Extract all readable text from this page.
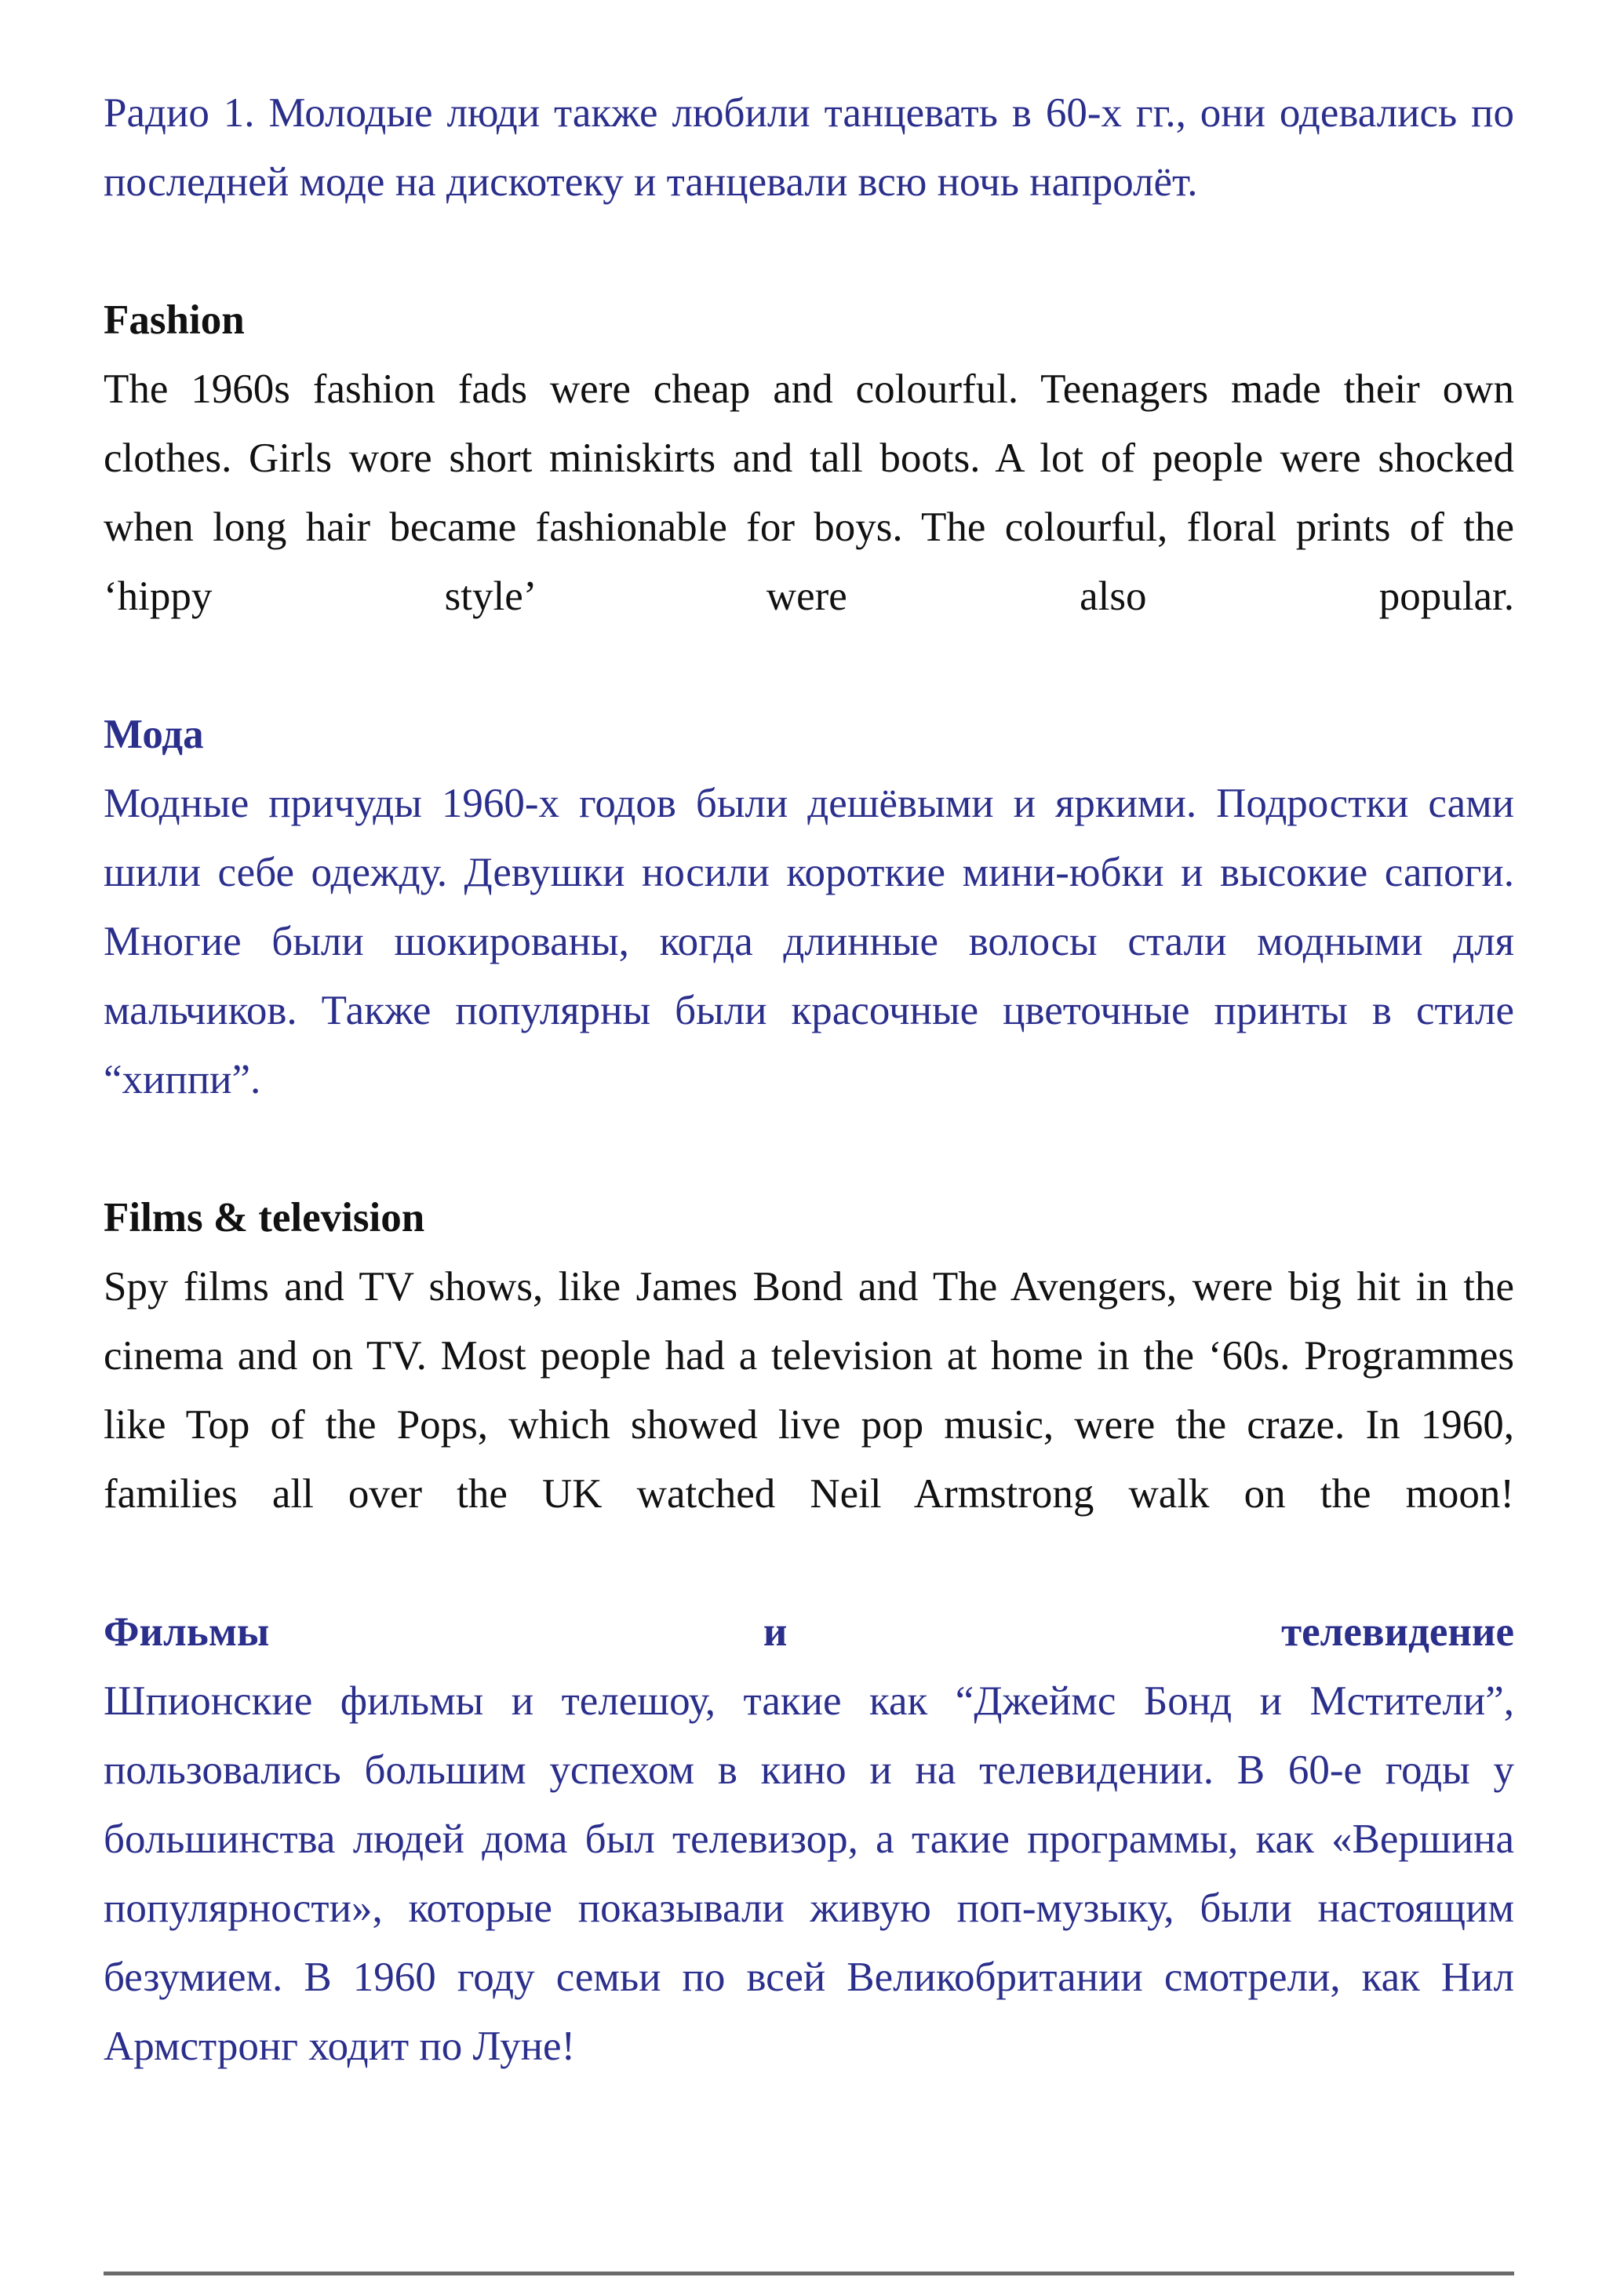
Радио 1. Молодые люди также любили танцевать в 60-х гг., они одевались по последней моде на дискотеку и танцевали всю ночь напролёт.

Fashion

The 1960s fashion fads were cheap and colourful. Teenagers made their own clothes. Girls wore short miniskirts and tall boots. A lot of people were shocked when long hair became fashionable for boys. The colourful, floral prints of the ‘hippy style’ were also popular.

Мода

Модные причуды 1960-х годов были дешёвыми и яркими. Подростки сами шили себе одежду. Девушки носили короткие мини-юбки и высокие сапоги. Многие были шокированы, когда длинные волосы стали модными для мальчиков. Также популярны были красочные цветочные принты в стиле “хиппи”.

Films & television

Spy films and TV shows, like James Bond and The Avengers, were big hit in the cinema and on TV. Most people had a television at home in the ‘60s. Programmes like Top of the Pops, which showed live pop music, were the craze. In 1960, families all over the UK watched Neil Armstrong walk on the moon!

Фильмы и телевидение

Шпионские фильмы и телешоу, такие как “Джеймс Бонд и Мстители”, пользовались большим успехом в кино и на телевидении. В 60-е годы у большинства людей дома был телевизор, а такие программы, как «Вершина популярности», которые показывали живую поп-музыку, были настоящим безумием. В 1960 году семьи по всей Великобритании смотрели, как Нил Армстронг ходит по Луне!
